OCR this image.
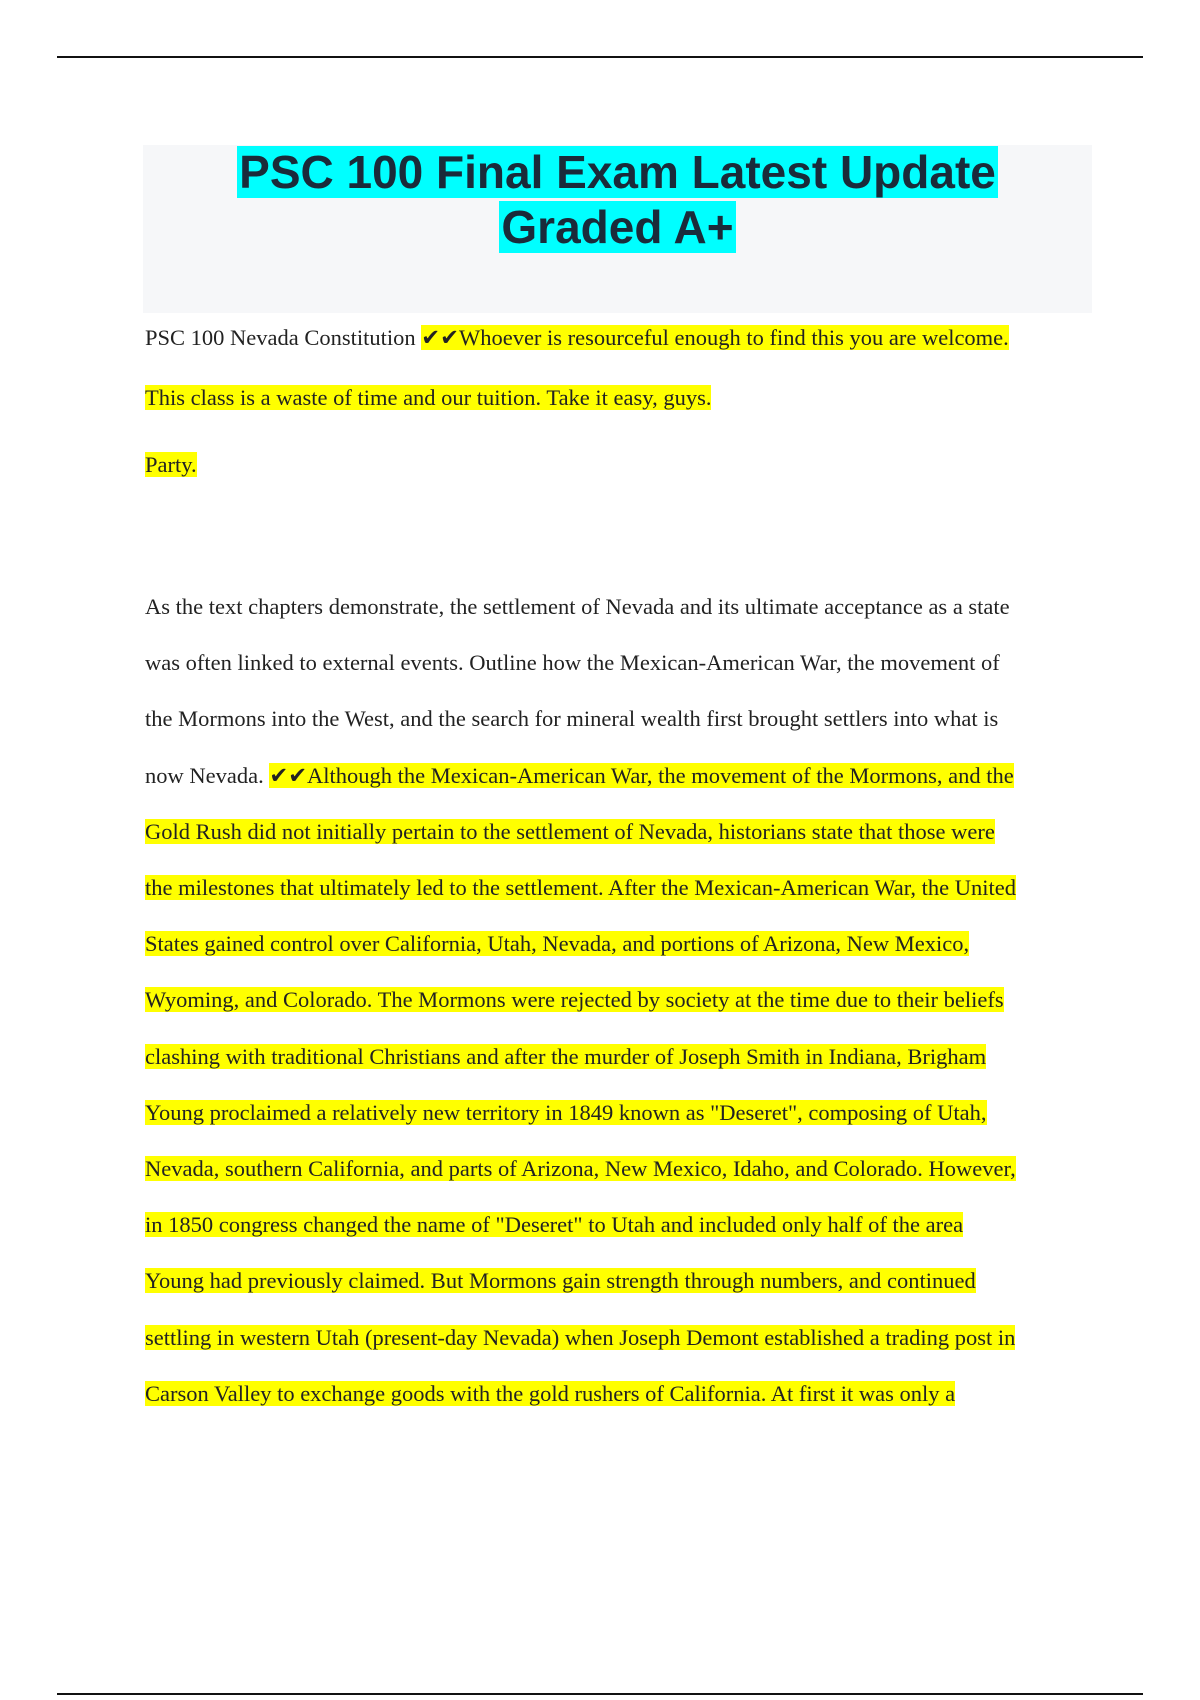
PSC 100 Final Exam Latest Update
Graded A+

PSC 100 Nevada Constitution ✔✔Whoever is resourceful enough to find this you are welcome.
This class is a waste of time and our tuition. Take it easy, guys.

Party.

As the text chapters demonstrate, the settlement of Nevada and its ultimate acceptance as a state
was often linked to external events. Outline how the Mexican-American War, the movement of
the Mormons into the West, and the search for mineral wealth first brought settlers into what is
now Nevada. ✔✔Although the Mexican-American War, the movement of the Mormons, and the
Gold Rush did not initially pertain to the settlement of Nevada, historians state that those were
the milestones that ultimately led to the settlement. After the Mexican-American War, the United
States gained control over California, Utah, Nevada, and portions of Arizona, New Mexico,
Wyoming, and Colorado. The Mormons were rejected by society at the time due to their beliefs
clashing with traditional Christians and after the murder of Joseph Smith in Indiana, Brigham
Young proclaimed a relatively new territory in 1849 known as "Deseret", composing of Utah,
Nevada, southern California, and parts of Arizona, New Mexico, Idaho, and Colorado. However,
in 1850 congress changed the name of "Deseret" to Utah and included only half of the area
Young had previously claimed. But Mormons gain strength through numbers, and continued
settling in western Utah (present-day Nevada) when Joseph Demont established a trading post in
Carson Valley to exchange goods with the gold rushers of California. At first it was only a
